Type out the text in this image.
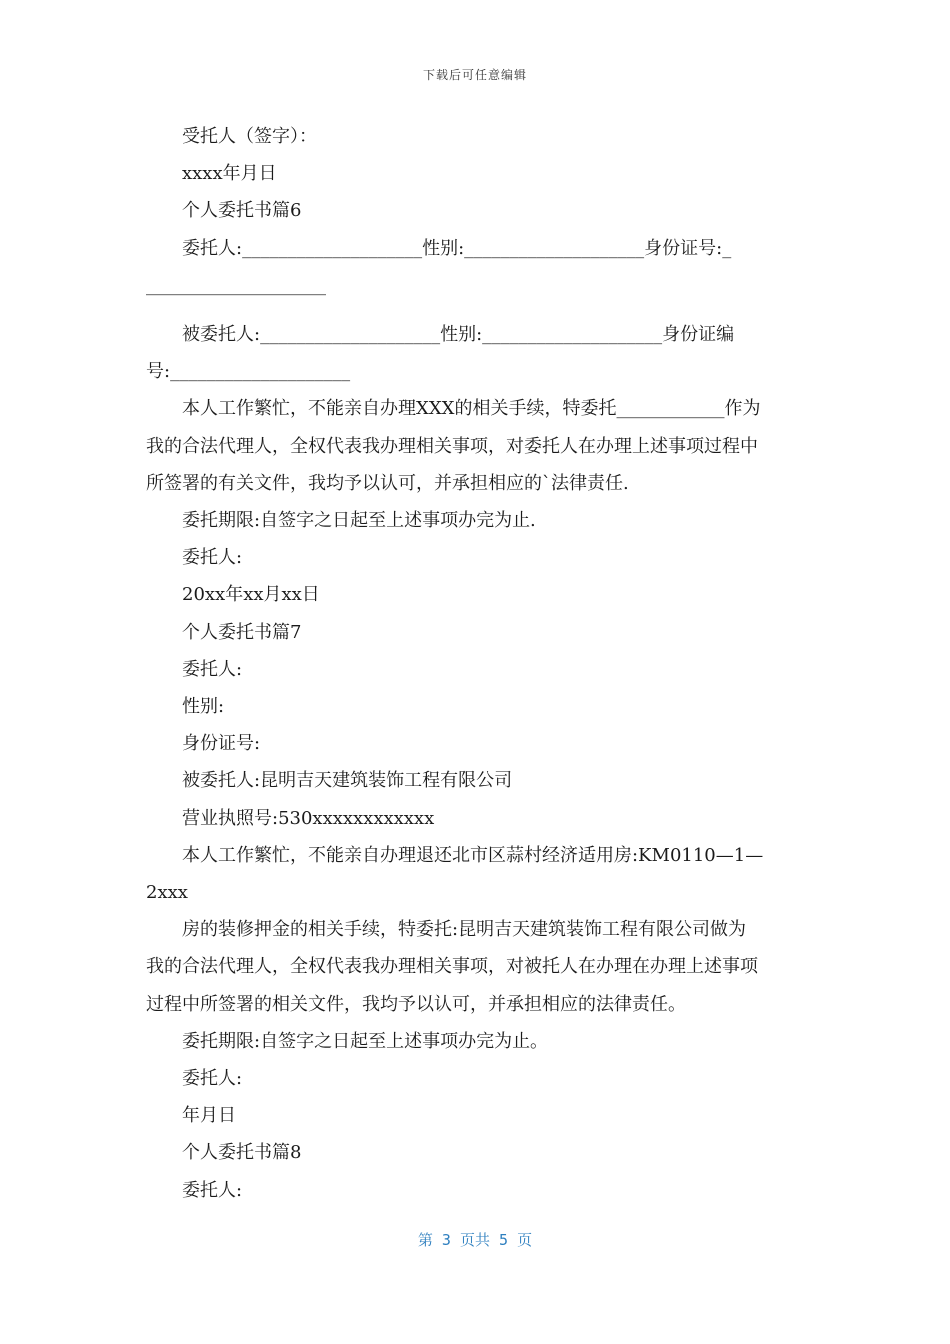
下载后可任意编辑

受托人（签字）：

xxxx年月日

个人委托书篇6

委托人:____________________性别:____________________身份证号:_

____________________

被委托人:____________________性别:____________________身份证编

号:____________________

本人工作繁忙，不能亲自办理XXX的相关手续，特委托____________作为

我的合法代理人，全权代表我办理相关事项，对委托人在办理上述事项过程中

所签署的有关文件，我均予以认可，并承担相应的`法律责任.

委托期限:自签字之日起至上述事项办完为止.

委托人:

20xx年xx月xx日

个人委托书篇7

委托人:

性别:

身份证号:

被委托人:昆明吉天建筑装饰工程有限公司

营业执照号:530xxxxxxxxxxxx

本人工作繁忙，不能亲自办理退还北市区蒜村经济适用房:KM0110—1—

2xxx

房的装修押金的相关手续，特委托:昆明吉天建筑装饰工程有限公司做为

我的合法代理人，全权代表我办理相关事项，对被托人在办理在办理上述事项

过程中所签署的相关文件，我均予以认可，并承担相应的法律责任。

委托期限:自签字之日起至上述事项办完为止。

委托人:

年月日

个人委托书篇8

委托人:

第 3 页共 5 页
